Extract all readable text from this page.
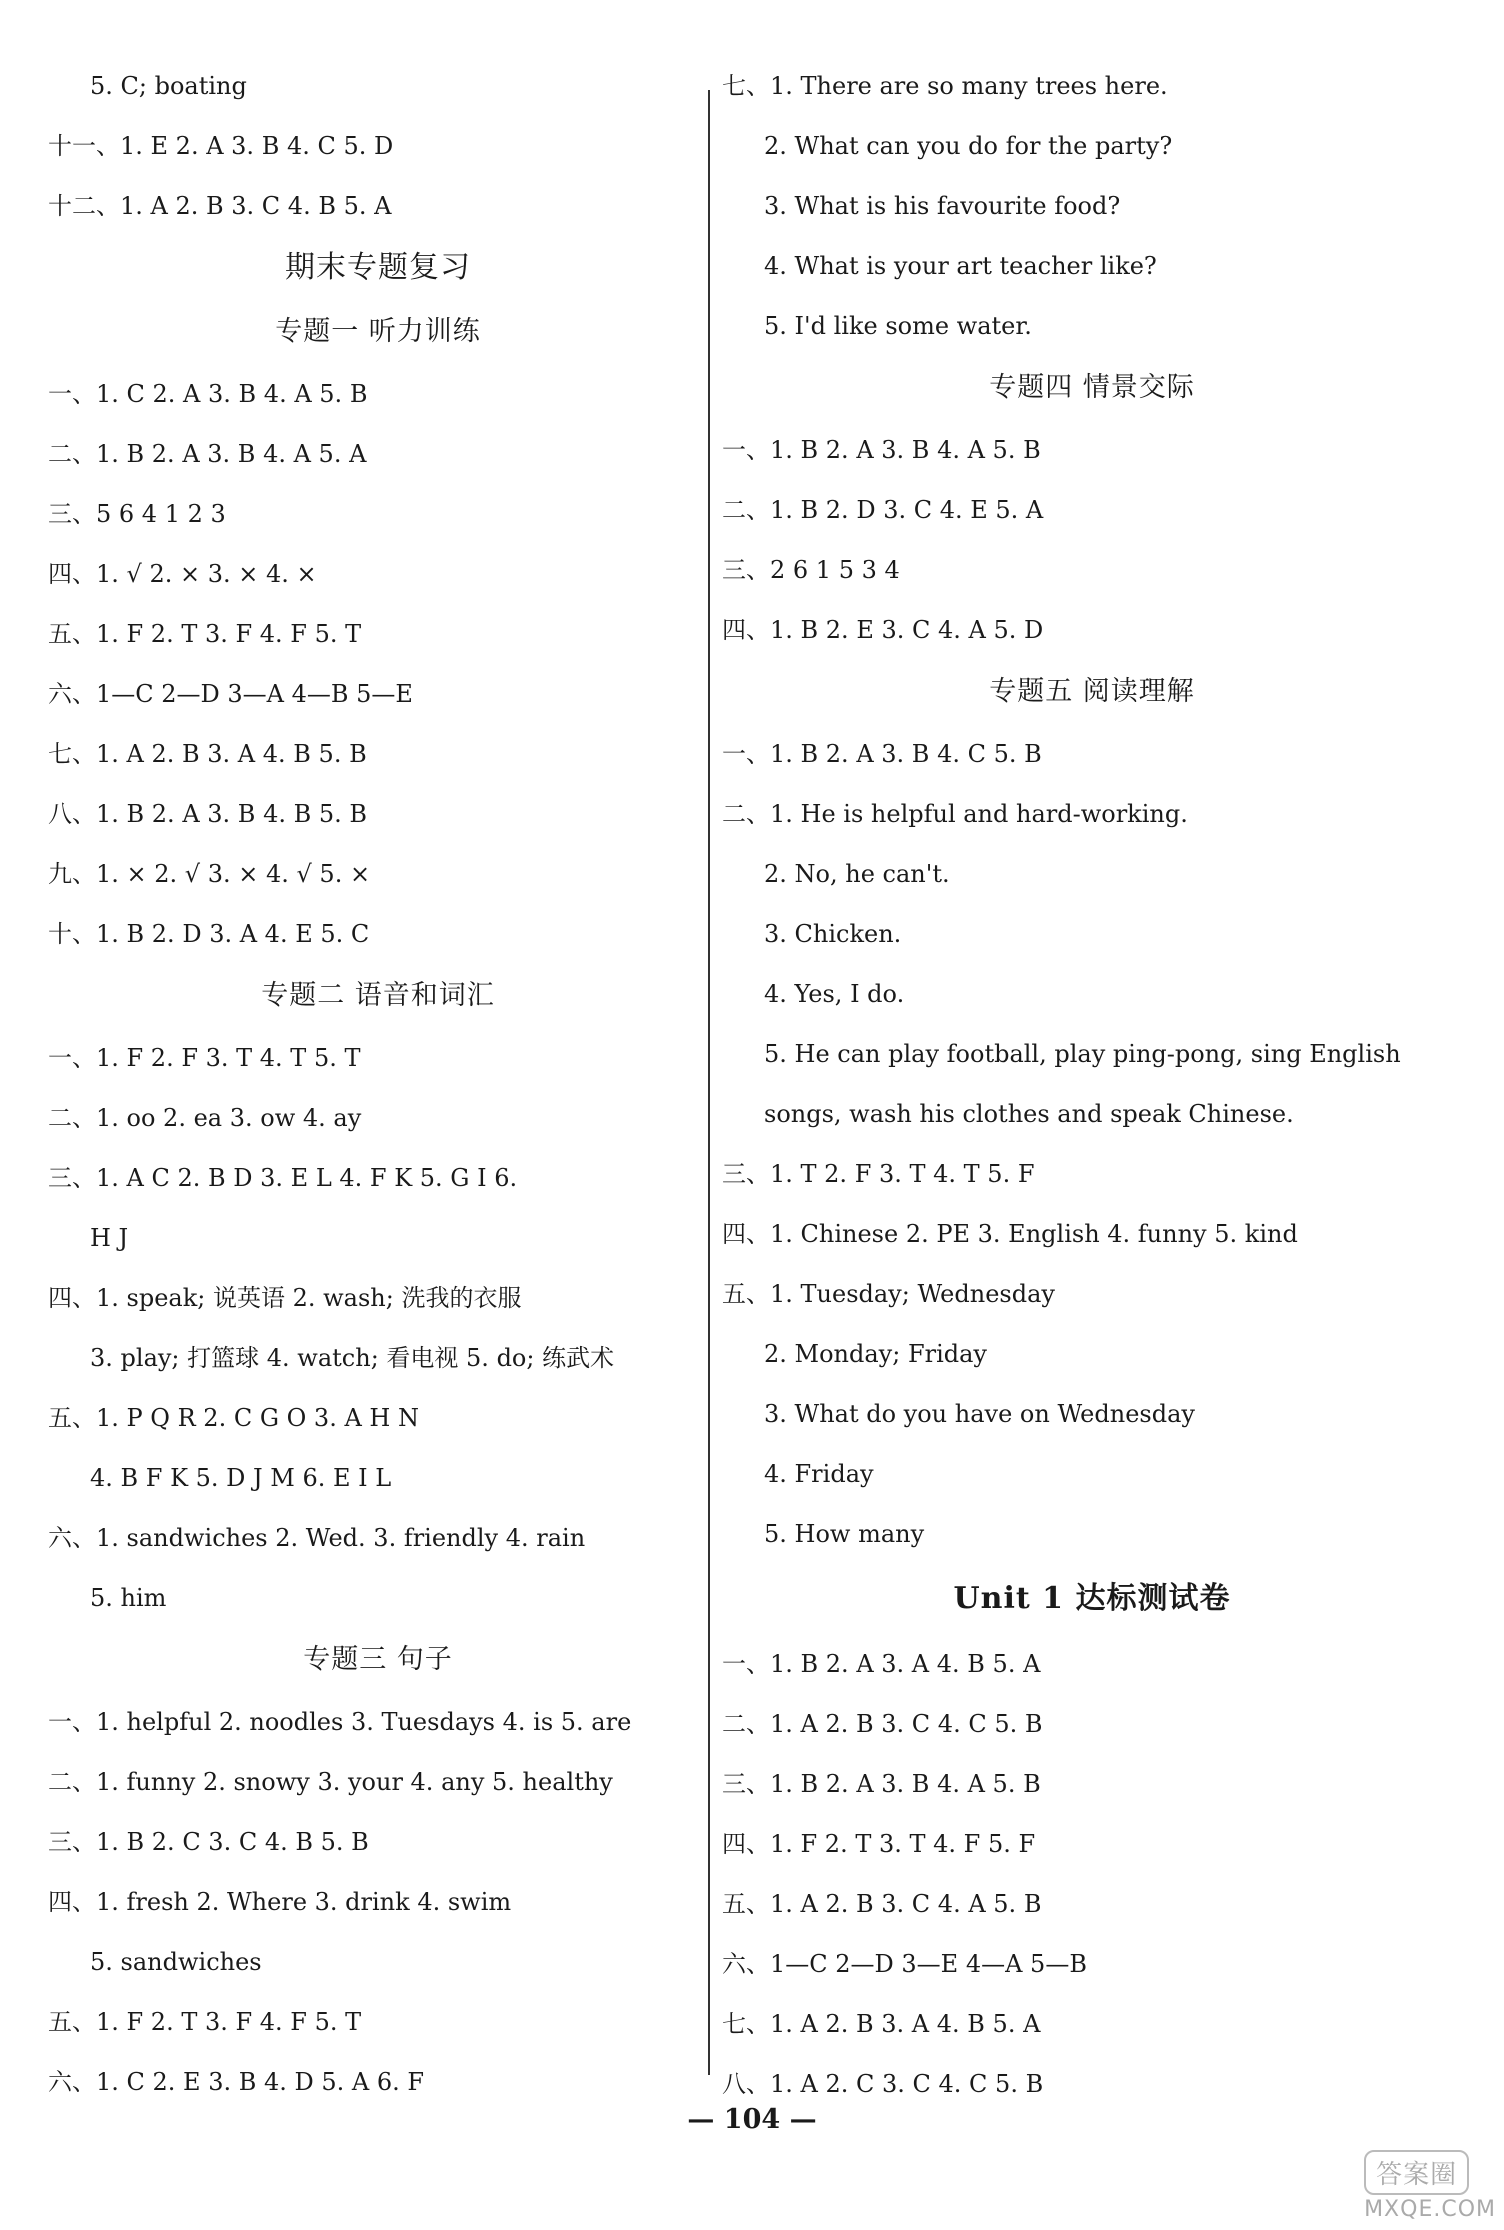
5. C; boating
十一、1. E 2. A 3. B 4. C 5. D
十二、1. A 2. B 3. C 4. B 5. A
期末专题复习
专题一 听力训练
一、1. C 2. A 3. B 4. A 5. B
二、1. B 2. A 3. B 4. A 5. A
三、5 6 4 1 2 3
四、1. √ 2. × 3. × 4. ×
五、1. F 2. T 3. F 4. F 5. T
六、1—C 2—D 3—A 4—B 5—E
七、1. A 2. B 3. A 4. B 5. B
八、1. B 2. A 3. B 4. B 5. B
九、1. × 2. √ 3. × 4. √ 5. ×
十、1. B 2. D 3. A 4. E 5. C
专题二 语音和词汇
一、1. F 2. F 3. T 4. T 5. T
二、1. oo 2. ea 3. ow 4. ay
三、1. A C 2. B D 3. E L 4. F K 5. G I 6.
H J
四、1. speak; 说英语 2. wash; 洗我的衣服
3. play; 打篮球 4. watch; 看电视 5. do; 练武术
五、1. P Q R 2. C G O 3. A H N
4. B F K 5. D J M 6. E I L
六、1. sandwiches 2. Wed. 3. friendly 4. rain
5. him
专题三 句子
一、1. helpful 2. noodles 3. Tuesdays 4. is 5. are
二、1. funny 2. snowy 3. your 4. any 5. healthy
三、1. B 2. C 3. C 4. B 5. B
四、1. fresh 2. Where 3. drink 4. swim
5. sandwiches
五、1. F 2. T 3. F 4. F 5. T
六、1. C 2. E 3. B 4. D 5. A 6. F
七、1. There are so many trees here.
2. What can you do for the party?
3. What is his favourite food?
4. What is your art teacher like?
5. I'd like some water.
专题四 情景交际
一、1. B 2. A 3. B 4. A 5. B
二、1. B 2. D 3. C 4. E 5. A
三、2 6 1 5 3 4
四、1. B 2. E 3. C 4. A 5. D
专题五 阅读理解
一、1. B 2. A 3. B 4. C 5. B
二、1. He is helpful and hard-working.
2. No, he can't.
3. Chicken.
4. Yes, I do.
5. He can play football, play ping-pong, sing English
songs, wash his clothes and speak Chinese.
三、1. T 2. F 3. T 4. T 5. F
四、1. Chinese 2. PE 3. English 4. funny 5. kind
五、1. Tuesday; Wednesday
2. Monday; Friday
3. What do you have on Wednesday
4. Friday
5. How many
Unit 1 达标测试卷
一、1. B 2. A 3. A 4. B 5. A
二、1. A 2. B 3. C 4. C 5. B
三、1. B 2. A 3. B 4. A 5. B
四、1. F 2. T 3. T 4. F 5. F
五、1. A 2. B 3. C 4. A 5. B
六、1—C 2—D 3—E 4—A 5—B
七、1. A 2. B 3. A 4. B 5. A
八、1. A 2. C 3. C 4. C 5. B
— 104 —
答案圈
MXQE.COM
